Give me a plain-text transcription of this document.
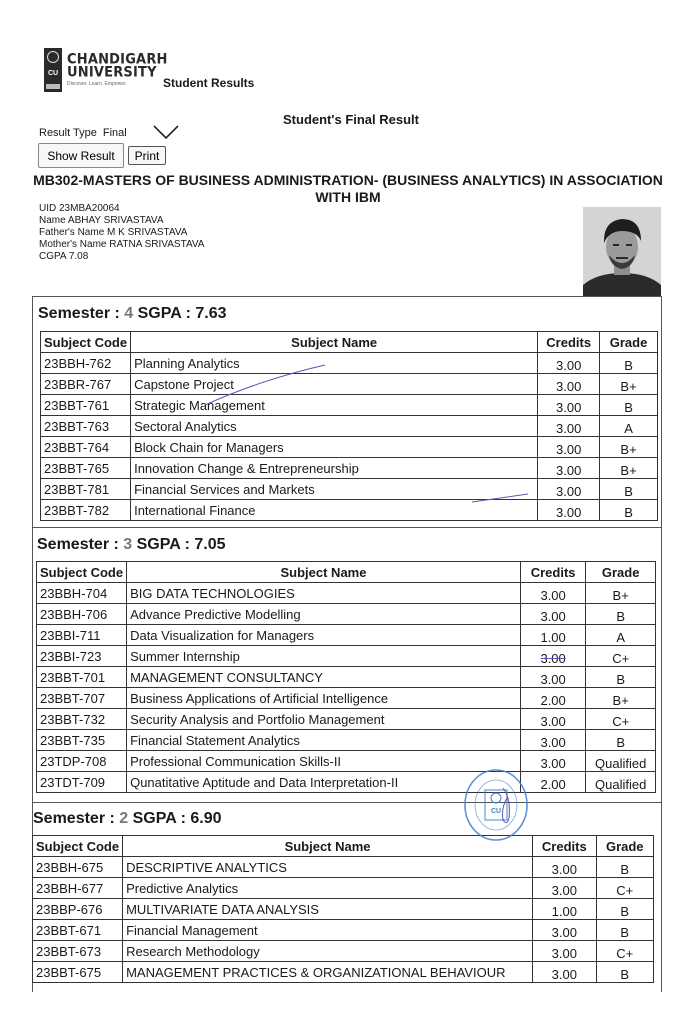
CU
CHANDIGARH
UNIVERSITY
Discover. Learn. Empower.	Student Results
Student's Final Result
Result Type Final
Show Result	Print
MB302-MASTERS OF BUSINESS ADMINISTRATION- (BUSINESS ANALYTICS) IN ASSOCIATION WITH IBM
UID 23MBA20064
Name ABHAY SRIVASTAVA
Father's Name M K SRIVASTAVA
Mother's Name RATNA SRIVASTAVA
CGPA 7.08
Semester : 4 SGPA : 7.63
Subject Code	Subject Name	Credits	Grade
23BBH-762	Planning Analytics	3.00	B
23BBR-767	Capstone Project	3.00	B+
23BBT-761	Strategic Management	3.00	B
23BBT-763	Sectoral Analytics	3.00	A
23BBT-764	Block Chain for Managers	3.00	B+
23BBT-765	Innovation Change & Entrepreneurship	3.00	B+
23BBT-781	Financial Services and Markets	3.00	B
23BBT-782	International Finance	3.00	B
Semester : 3 SGPA : 7.05
Subject Code	Subject Name	Credits	Grade
23BBH-704	BIG DATA TECHNOLOGIES	3.00	B+
23BBH-706	Advance Predictive Modelling	3.00	B
23BBI-711	Data Visualization for Managers	1.00	A
23BBI-723	Summer Internship	3.00	C+
23BBT-701	MANAGEMENT CONSULTANCY	3.00	B
23BBT-707	Business Applications of Artificial Intelligence	2.00	B+
23BBT-732	Security Analysis and Portfolio Management	3.00	C+
23BBT-735	Financial Statement Analytics	3.00	B
23TDP-708	Professional Communication Skills-II	3.00	Qualified
23TDT-709	Qunatitative Aptitude and Data Interpretation-II	2.00	Qualified
Semester : 2 SGPA : 6.90
Subject Code	Subject Name	Credits	Grade
23BBH-675	DESCRIPTIVE ANALYTICS	3.00	B
23BBH-677	Predictive Analytics	3.00	C+
23BBP-676	MULTIVARIATE DATA ANALYSIS	1.00	B
23BBT-671	Financial Management	3.00	B
23BBT-673	Research Methodology	3.00	C+
23BBT-675	MANAGEMENT PRACTICES & ORGANIZATIONAL BEHAVIOUR	3.00	B
CU
